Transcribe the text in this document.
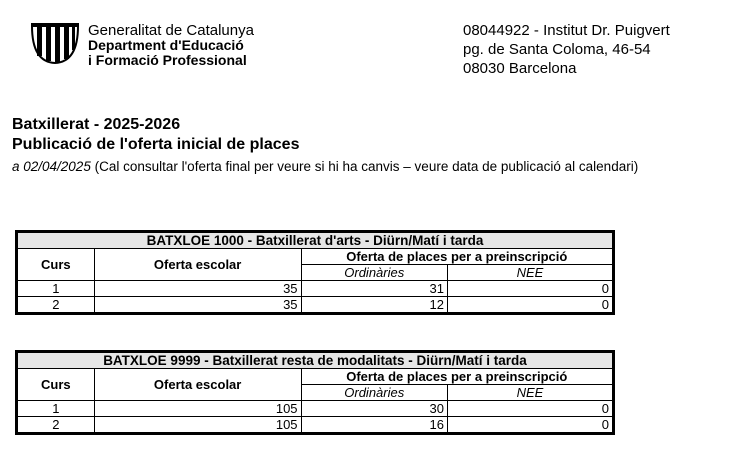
Generalitat de Catalunya
Department d'Educació
i Formació Professional
08044922 - Institut Dr. Puigvert
pg. de Santa Coloma, 46-54
08030 Barcelona
Batxillerat - 2025-2026
Publicació de l'oferta inicial de places
a 02/04/2025 (Cal consultar l'oferta final per veure si hi ha canvis – veure data de publicació al calendari)
BATXLOE 1000 - Batxillerat d'arts - Diürn/Matí i tarda			
Curs	Oferta escolar	Oferta de places per a preinscripció	
		Ordinàries	NEE
1	35	31	0
2	35	12	0
BATXLOE 9999 - Batxillerat resta de modalitats - Diürn/Matí i tarda			
Curs	Oferta escolar	Oferta de places per a preinscripció	
		Ordinàries	NEE
1	105	30	0
2	105	16	0
